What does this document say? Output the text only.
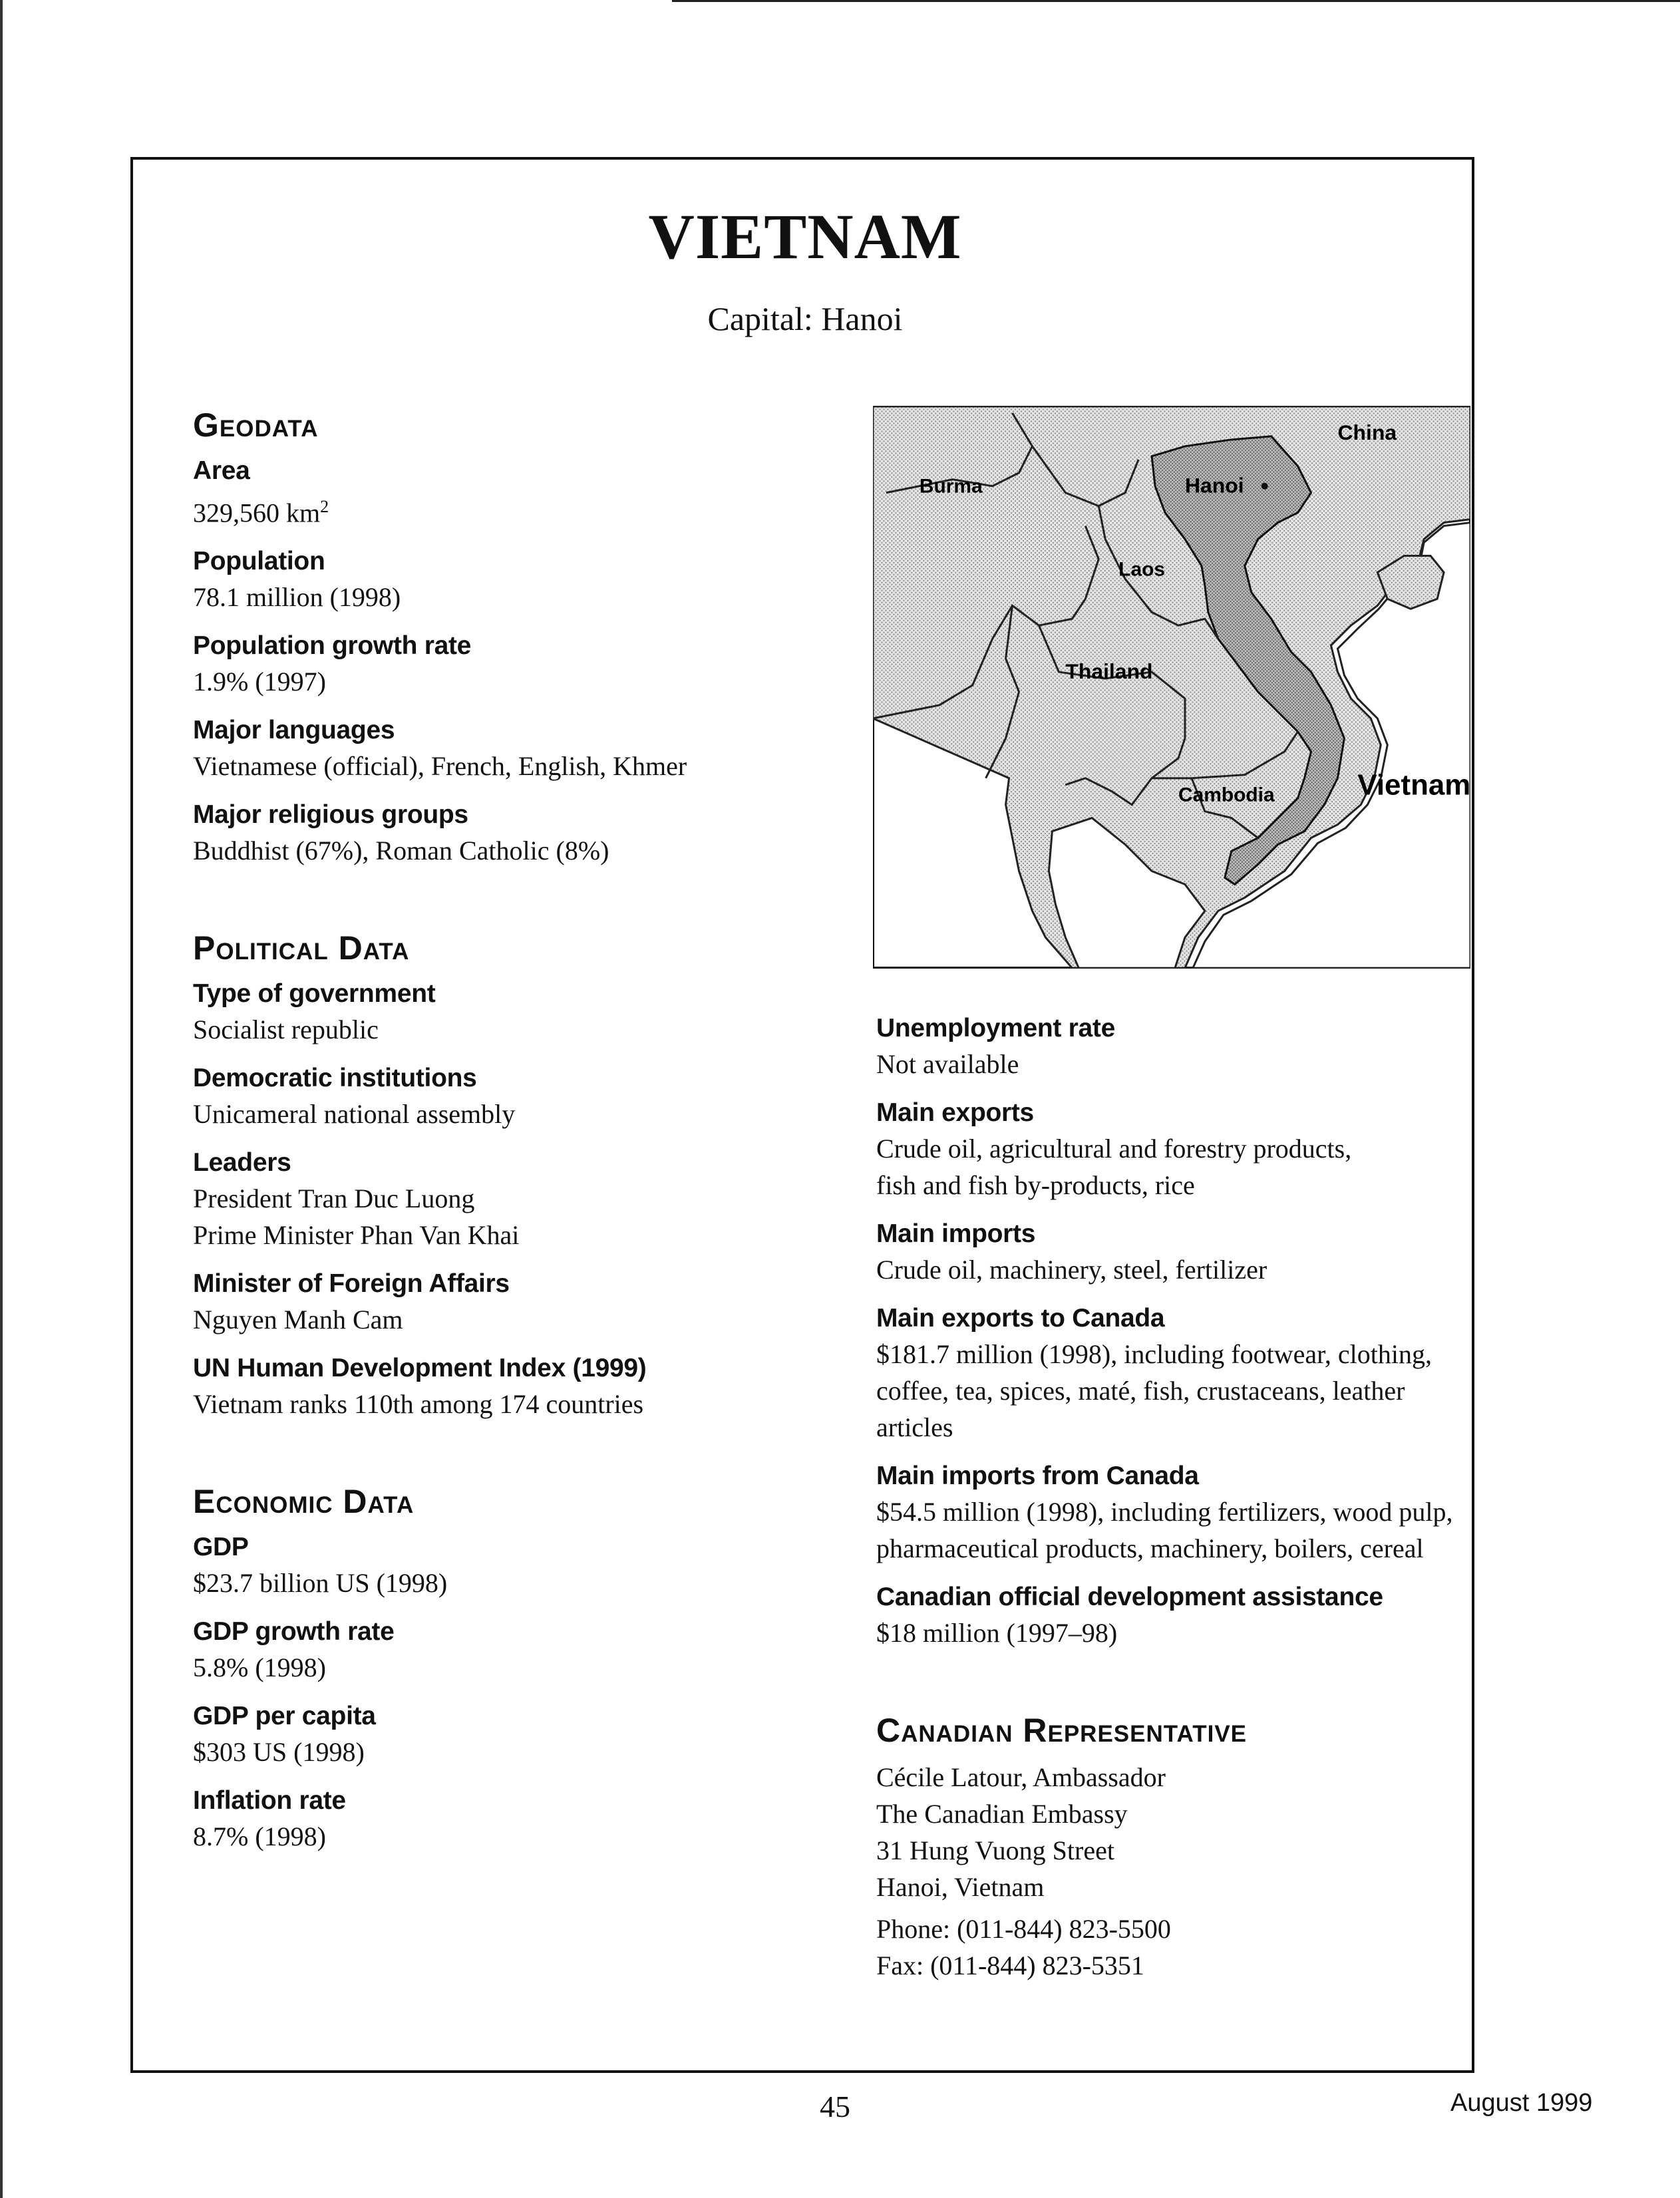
VIETNAM
Capital: Hanoi
Geodata
Area
329,560 $km^2$
Population
78.1 million (1998)
Population growth rate
1.9% (1997)
Major languages
Vietnamese (official), French, English, Khmer
Major religious groups
Buddhist (67%), Roman Catholic (8%)
Political Data
Type of government
Socialist republic
Democratic institutions
Unicameral national assembly
Leaders
President Tran Duc Luong
Prime Minister Phan Van Khai
Minister of Foreign Affairs
Nguyen Manh Cam
UN Human Development Index (1999)
Vietnam ranks 110th among 174 countries
Economic Data
GDP
$23.7 billion US (1998)
GDP growth rate
5.8% (1998)
GDP per capita
$303 US (1998)
Inflation rate
8.7% (1998)
China
Burma	Hanoi
Laos
Thailand
Cambodia	Vietnam
Unemployment rate
Not available
Main exports
Crude oil, agricultural and forestry products,
fish and fish by-products, rice
Main imports
Crude oil, machinery, steel, fertilizer
Main exports to Canada
$181.7 million (1998), including footwear, clothing,
coffee, tea, spices, maté, fish, crustaceans, leather
articles
Main imports from Canada
$54.5 million (1998), including fertilizers, wood pulp,
pharmaceutical products, machinery, boilers, cereal
Canadian official development assistance
$18 million (1997–98)
Canadian Representative
Cécile Latour, Ambassador
The Canadian Embassy
31 Hung Vuong Street
Hanoi, Vietnam
Phone: (011-844) 823-5500
Fax: (011-844) 823-5351
45	August 1999
